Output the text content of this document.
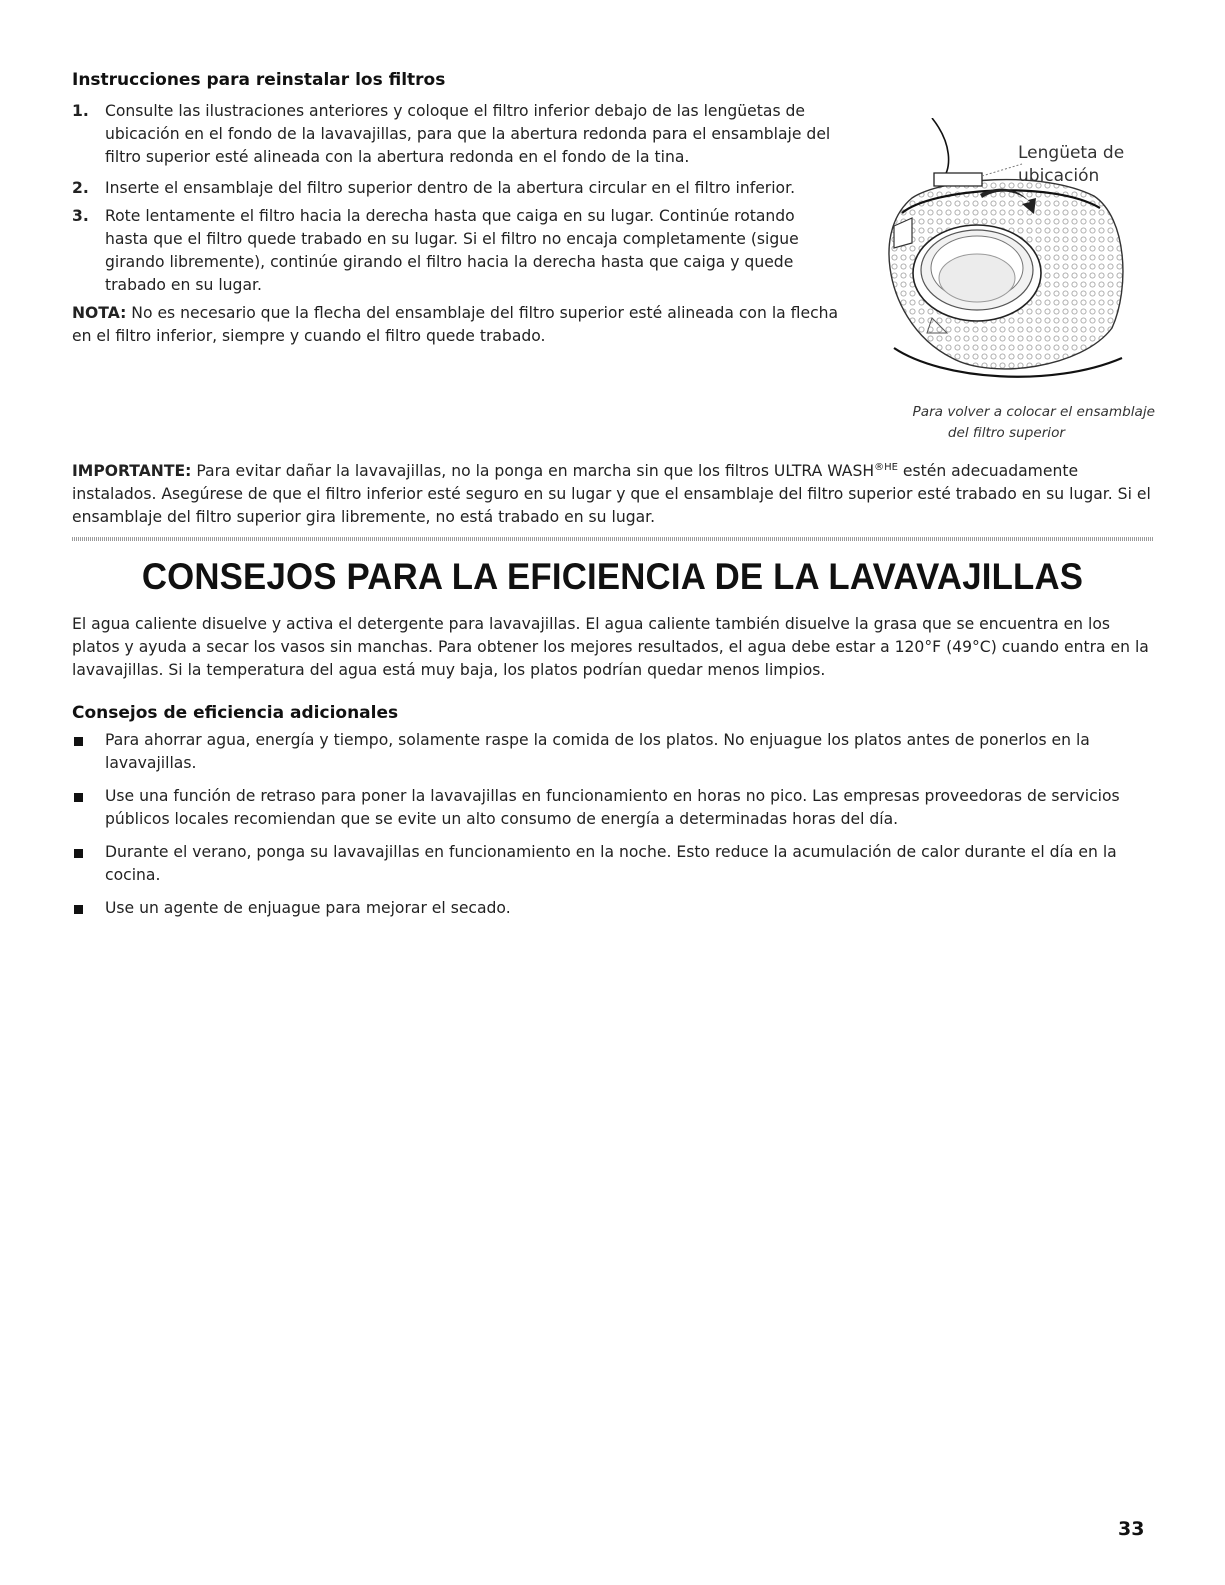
Instrucciones para reinstalar los filtros
1. Consulte las ilustraciones anteriores y coloque el filtro inferior debajo de las lengüetas de ubicación en el fondo de la lavavajillas, para que la abertura redonda para el ensamblaje del filtro superior esté alineada con la abertura redonda en el fondo de la tina.
2. Inserte el ensamblaje del filtro superior dentro de la abertura circular en el filtro inferior.
3. Rote lentamente el filtro hacia la derecha hasta que caiga en su lugar. Continúe rotando hasta que el filtro quede trabado en su lugar. Si el filtro no encaja completamente (sigue girando libremente), continúe girando el filtro hacia la derecha hasta que caiga y quede trabado en su lugar.

NOTA: No es necesario que la flecha del ensamblaje del filtro superior esté alineada con la flecha en el filtro inferior, siempre y cuando el filtro quede trabado.

Lengüeta de
ubicación
Para volver a colocar el ensamblaje
del filtro superior

IMPORTANTE: Para evitar dañar la lavavajillas, no la ponga en marcha sin que los filtros ULTRA $WASH^{®HE}$ estén adecuadamente instalados. Asegúrese de que el filtro inferior esté seguro en su lugar y que el ensamblaje del filtro superior esté trabado en su lugar. Si el ensamblaje del filtro superior gira libremente, no está trabado en su lugar.

CONSEJOS PARA LA EFICIENCIA DE LA LAVAVAJILLAS

El agua caliente disuelve y activa el detergente para lavavajillas. El agua caliente también disuelve la grasa que se encuentra en los platos y ayuda a secar los vasos sin manchas. Para obtener los mejores resultados, el agua debe estar a 120°F (49°C) cuando entra en la lavavajillas. Si la temperatura del agua está muy baja, los platos podrían quedar menos limpios.

Consejos de eficiencia adicionales
Para ahorrar agua, energía y tiempo, solamente raspe la comida de los platos. No enjuague los platos antes de ponerlos en la lavavajillas.
Use una función de retraso para poner la lavavajillas en funcionamiento en horas no pico. Las empresas proveedoras de servicios públicos locales recomiendan que se evite un alto consumo de energía a determinadas horas del día.
Durante el verano, ponga su lavavajillas en funcionamiento en la noche. Esto reduce la acumulación de calor durante el día en la cocina.
Use un agente de enjuague para mejorar el secado.
33
